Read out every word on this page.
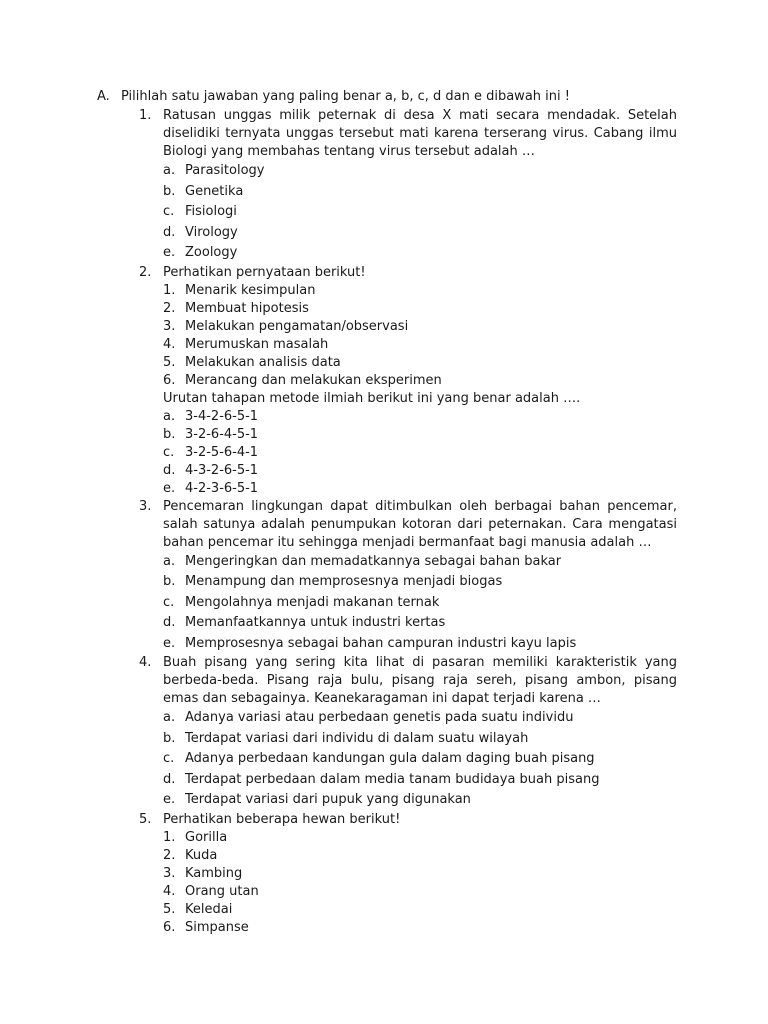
A. Pilihlah satu jawaban yang paling benar a, b, c, d dan e dibawah ini !
1. Ratusan unggas milik peternak di desa X mati secara mendadak. Setelah diselidiki ternyata unggas tersebut mati karena terserang virus. Cabang ilmu Biologi yang membahas tentang virus tersebut adalah …
a. Parasitology
b. Genetika
c. Fisiologi
d. Virology
e. Zoology
2. Perhatikan pernyataan berikut!
1. Menarik kesimpulan
2. Membuat hipotesis
3. Melakukan pengamatan/observasi
4. Merumuskan masalah
5. Melakukan analisis data
6. Merancang dan melakukan eksperimen
Urutan tahapan metode ilmiah berikut ini yang benar adalah ….
a. 3-4-2-6-5-1
b. 3-2-6-4-5-1
c. 3-2-5-6-4-1
d. 4-3-2-6-5-1
e. 4-2-3-6-5-1
3. Pencemaran lingkungan dapat ditimbulkan oleh berbagai bahan pencemar, salah satunya adalah penumpukan kotoran dari peternakan. Cara mengatasi bahan pencemar itu sehingga menjadi bermanfaat bagi manusia adalah …
a. Mengeringkan dan memadatkannya sebagai bahan bakar
b. Menampung dan memprosesnya menjadi biogas
c. Mengolahnya menjadi makanan ternak
d. Memanfaatkannya untuk industri kertas
e. Memprosesnya sebagai bahan campuran industri kayu lapis
4. Buah pisang yang sering kita lihat di pasaran memiliki karakteristik yang berbeda-beda. Pisang raja bulu, pisang raja sereh, pisang ambon, pisang emas dan sebagainya. Keanekaragaman ini dapat terjadi karena …
a. Adanya variasi atau perbedaan genetis pada suatu individu
b. Terdapat variasi dari individu di dalam suatu wilayah
c. Adanya perbedaan kandungan gula dalam daging buah pisang
d. Terdapat perbedaan dalam media tanam budidaya buah pisang
e. Terdapat variasi dari pupuk yang digunakan
5. Perhatikan beberapa hewan berikut!
1. Gorilla
2. Kuda
3. Kambing
4. Orang utan
5. Keledai
6. Simpanse
